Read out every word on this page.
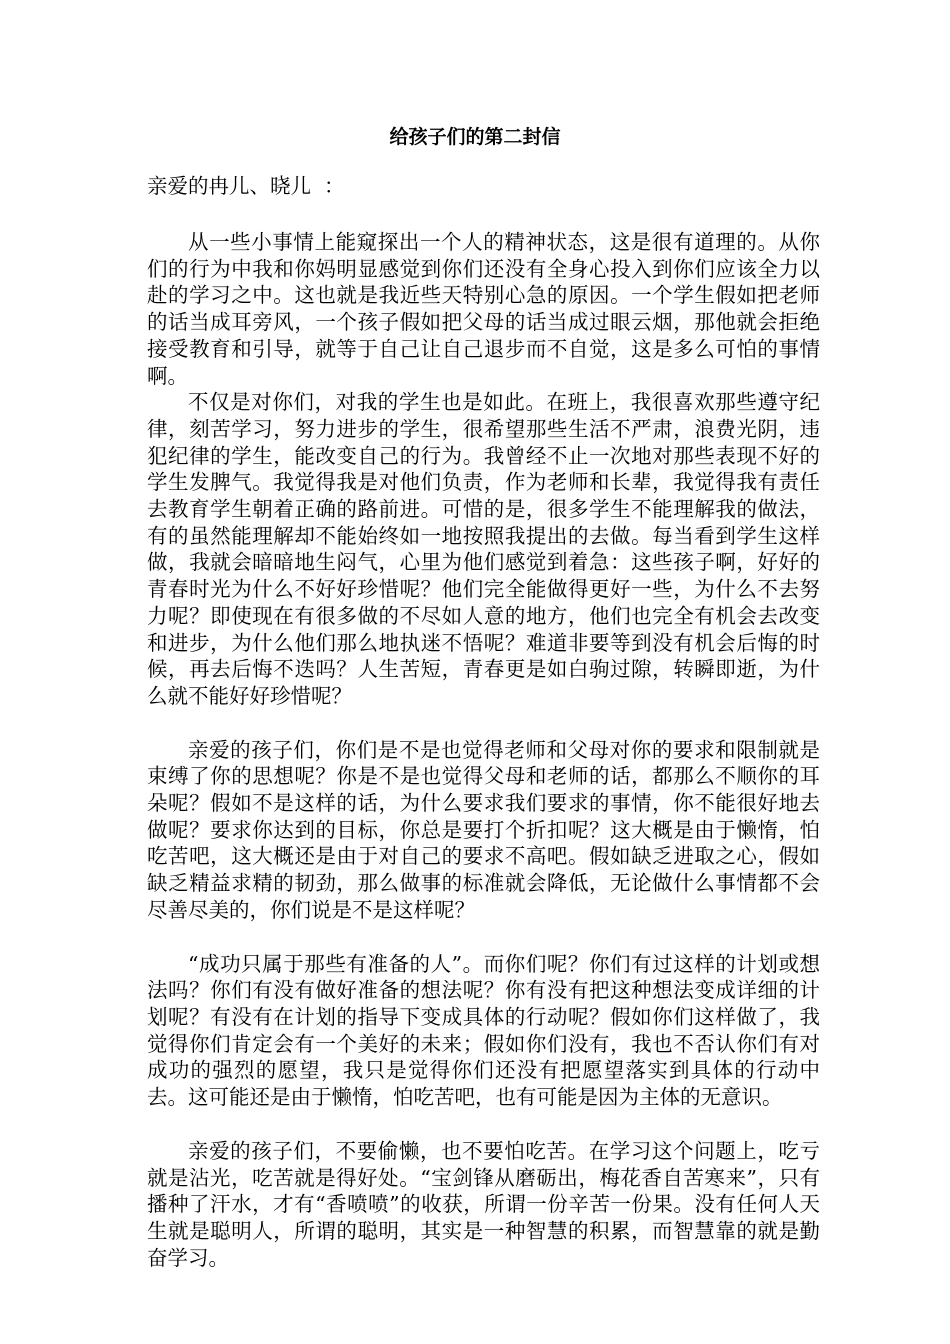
给孩子们的第二封信
亲爱的冉儿、晓儿  ：

从一些小事情上能窥探出一个人的精神状态，这是很有道理的。从你们的行为中我和你妈明显感觉到你们还没有全身心投入到你们应该全力以赴的学习之中。这也就是我近些天特别心急的原因。一个学生假如把老师的话当成耳旁风，一个孩子假如把父母的话当成过眼云烟，那他就会拒绝接受教育和引导，就等于自己让自己退步而不自觉，这是多么可怕的事情啊。

不仅是对你们，对我的学生也是如此。在班上，我很喜欢那些遵守纪律，刻苦学习，努力进步的学生，很希望那些生活不严肃，浪费光阴，违犯纪律的学生，能改变自己的行为。我曾经不止一次地对那些表现不好的学生发脾气。我觉得我是对他们负责，作为老师和长辈，我觉得我有责任去教育学生朝着正确的路前进。可惜的是，很多学生不能理解我的做法，有的虽然能理解却不能始终如一地按照我提出的去做。每当看到学生这样做，我就会暗暗地生闷气，心里为他们感觉到着急：这些孩子啊，好好的青春时光为什么不好好珍惜呢？他们完全能做得更好一些，为什么不去努力呢？即使现在有很多做的不尽如人意的地方，他们也完全有机会去改变和进步，为什么他们那么地执迷不悟呢？难道非要等到没有机会后悔的时候，再去后悔不迭吗？人生苦短，青春更是如白驹过隙，转瞬即逝，为什么就不能好好珍惜呢？

亲爱的孩子们，你们是不是也觉得老师和父母对你的要求和限制就是束缚了你的思想呢？你是不是也觉得父母和老师的话，都那么不顺你的耳朵呢？假如不是这样的话，为什么要求我们要求的事情，你不能很好地去做呢？要求你达到的目标，你总是要打个折扣呢？这大概是由于懒惰，怕吃苦吧，这大概还是由于对自己的要求不高吧。假如缺乏进取之心，假如缺乏精益求精的韧劲，那么做事的标准就会降低，无论做什么事情都不会尽善尽美的，你们说是不是这样呢？

“成功只属于那些有准备的人”。而你们呢？你们有过这样的计划或想法吗？你们有没有做好准备的想法呢？你有没有把这种想法变成详细的计划呢？有没有在计划的指导下变成具体的行动呢？假如你们这样做了，我觉得你们肯定会有一个美好的未来；假如你们没有，我也不否认你们有对成功的强烈的愿望，我只是觉得你们还没有把愿望落实到具体的行动中去。这可能还是由于懒惰，怕吃苦吧，也有可能是因为主体的无意识。

亲爱的孩子们，不要偷懒，也不要怕吃苦。在学习这个问题上，吃亏就是沾光，吃苦就是得好处。“宝剑锋从磨砺出，梅花香自苦寒来”，只有播种了汗水，才有“香喷喷”的收获，所谓一份辛苦一份果。没有任何人天生就是聪明人，所谓的聪明，其实是一种智慧的积累，而智慧靠的就是勤奋学习。
